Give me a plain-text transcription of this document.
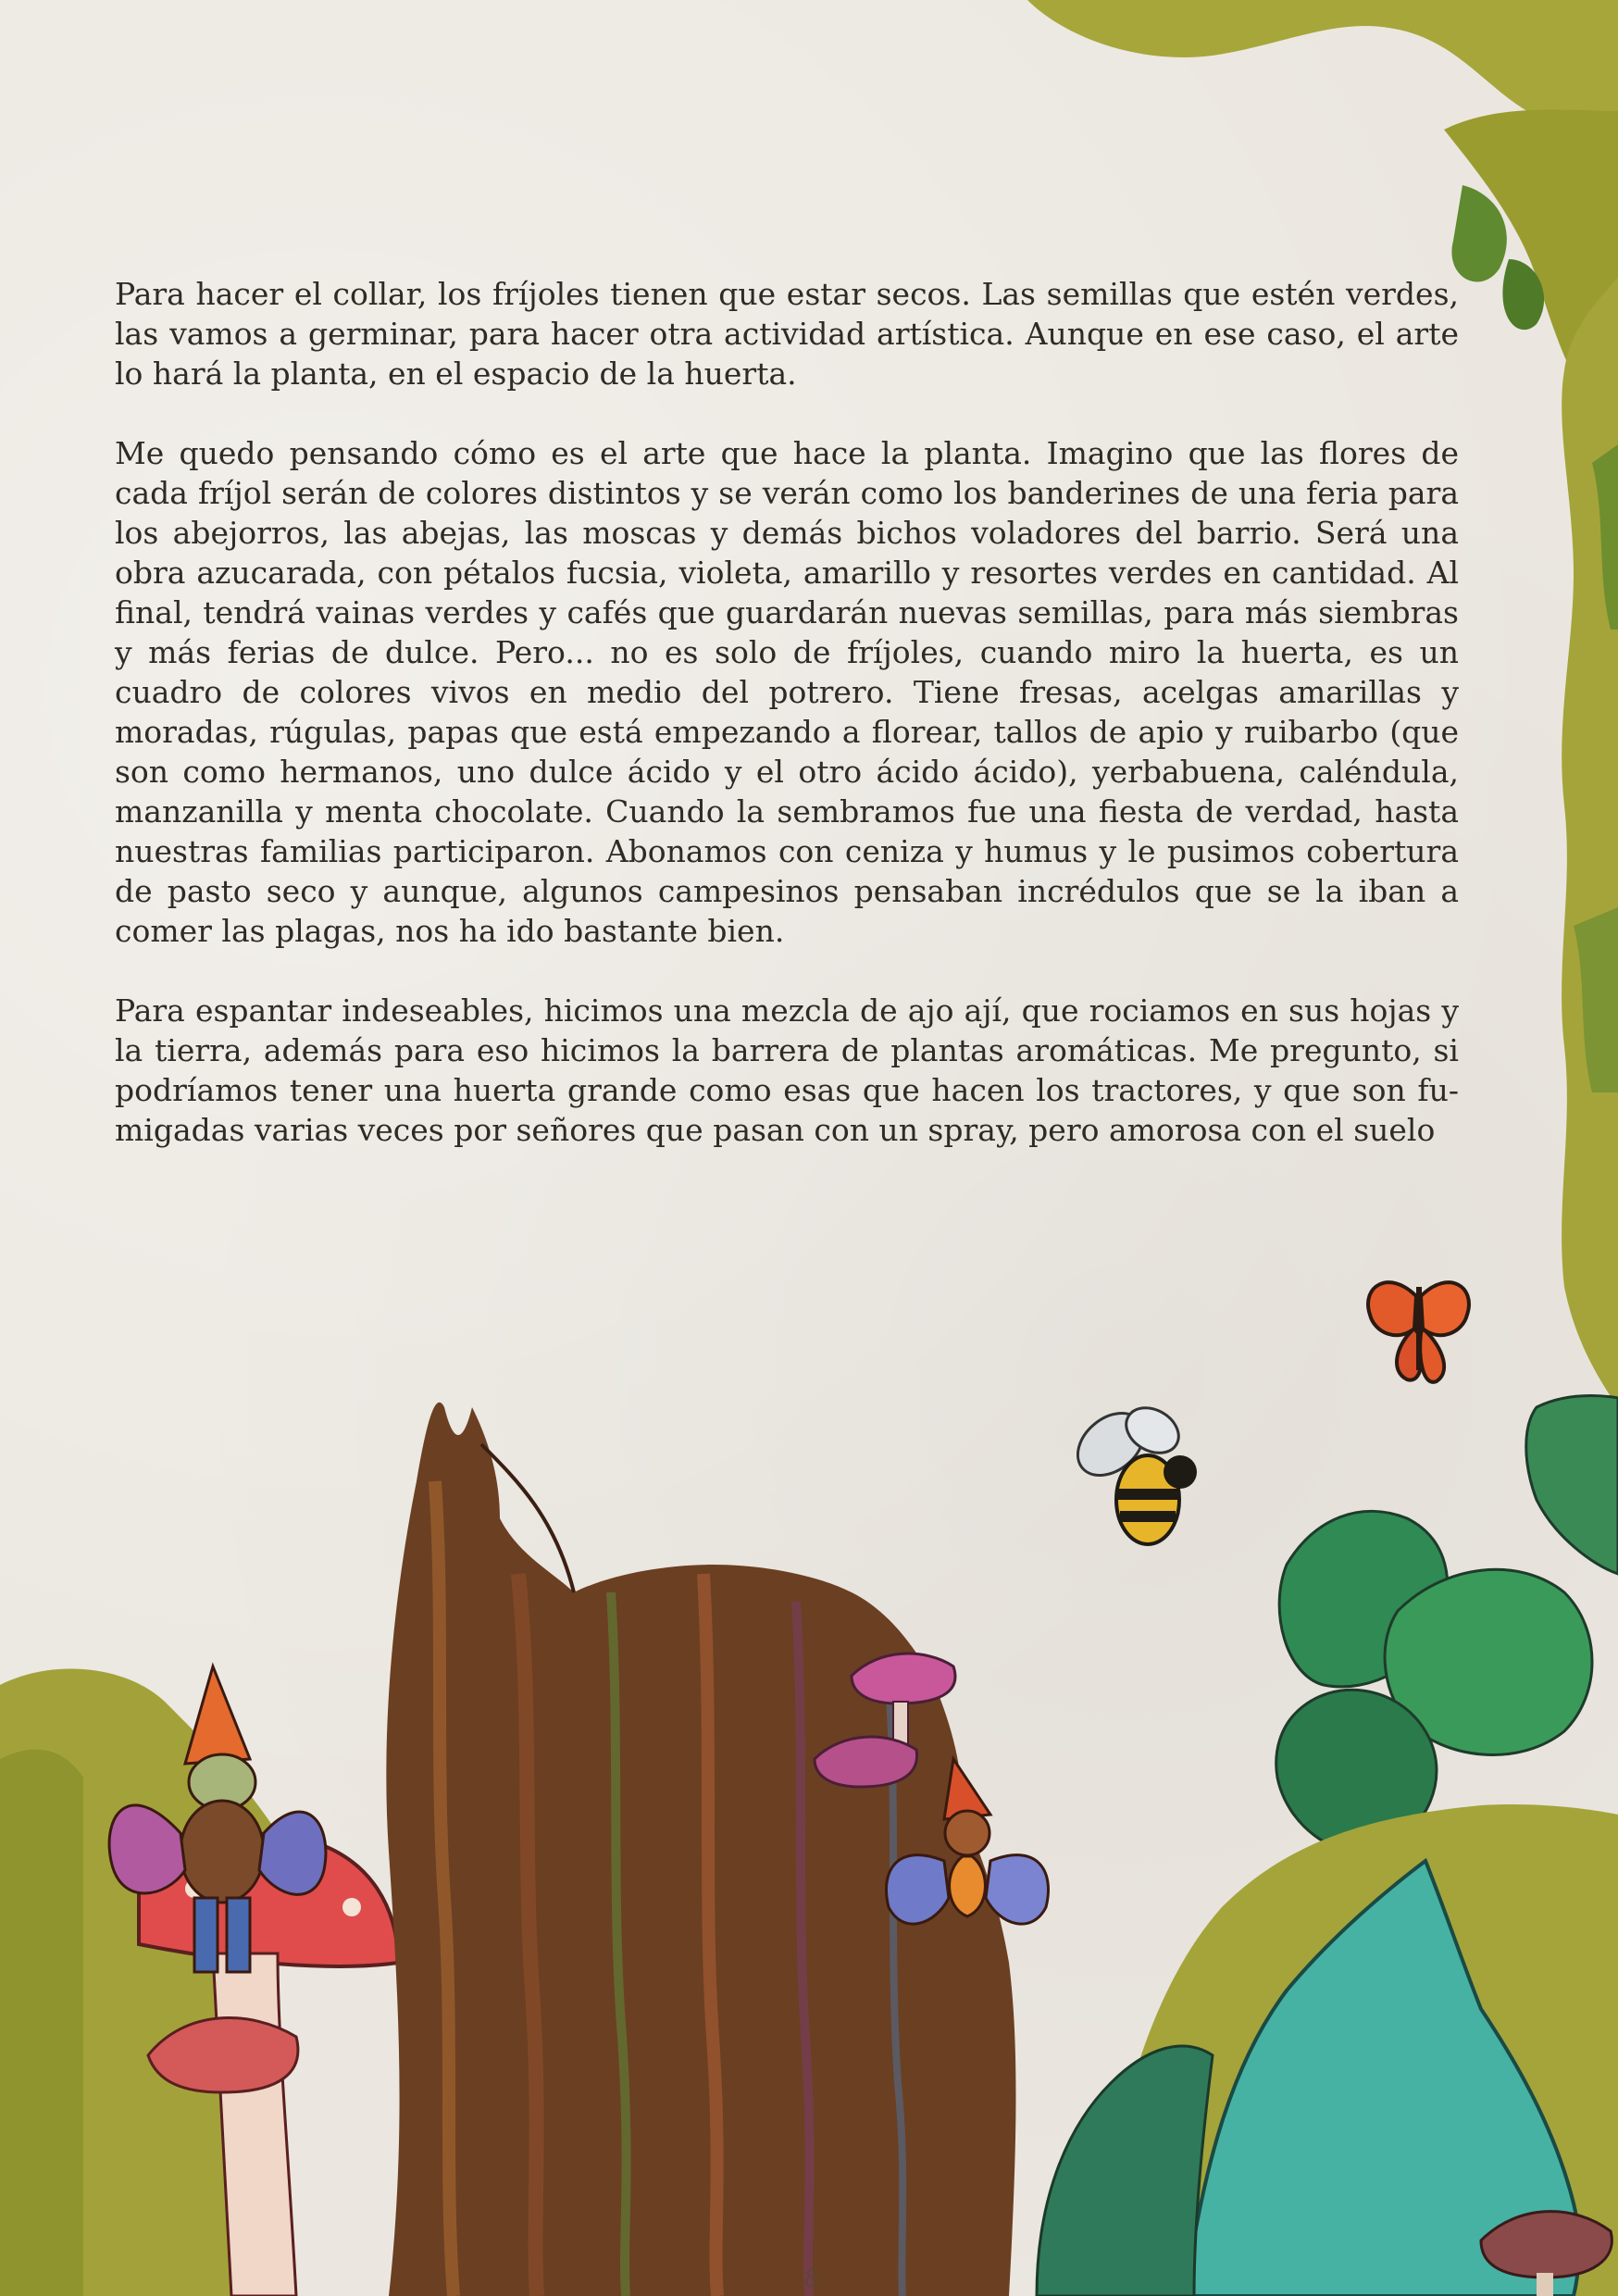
Para hacer el collar, los fríjoles tienen que estar secos. Las semillas que estén verdes, las vamos a germinar, para hacer otra actividad artística. Aunque en ese caso, el arte lo hará la planta, en el espacio de la huerta.

Me quedo pensando cómo es el arte que hace la planta. Imagino que las flores de cada fríjol serán de colores distintos y se verán como los banderines de una feria para los abejorros, las abejas, las moscas y demás bichos voladores del barrio. Será una obra azucarada, con pétalos fucsia, violeta, amarillo y resortes verdes en cantidad. Al final, tendrá vainas verdes y cafés que guardarán nuevas semillas, para más siembras y más ferias de dulce. Pero... no es solo de fríjoles, cuando miro la huerta, es un cuadro de colores vivos en medio del potrero. Tiene fresas, acelgas amarillas y moradas, rúgulas, papas que está empezando a florear, tallos de apio y ruibarbo (que son como hermanos, uno dulce ácido y el otro ácido ácido), yerbabuena, caléndula, manzanilla y menta chocolate. Cuando la sembramos fue una fiesta de verdad, hasta nuestras familias participaron. Abonamos con ceniza y humus y le pusimos cobertura de pasto seco y aunque, algunos campesinos pensaban incrédulos que se la iban a comer las plagas, nos ha ido bastante bien.

Para espantar indeseables, hicimos una mezcla de ajo ají, que rociamos en sus hojas y la tierra, además para eso hicimos la barrera de plantas aromáticas. Me pregunto, si podríamos tener una huerta grande como esas que hacen los tractores, y que son fumigadas varias veces por señores que pasan con un spray, pero amorosa con el suelo

8
